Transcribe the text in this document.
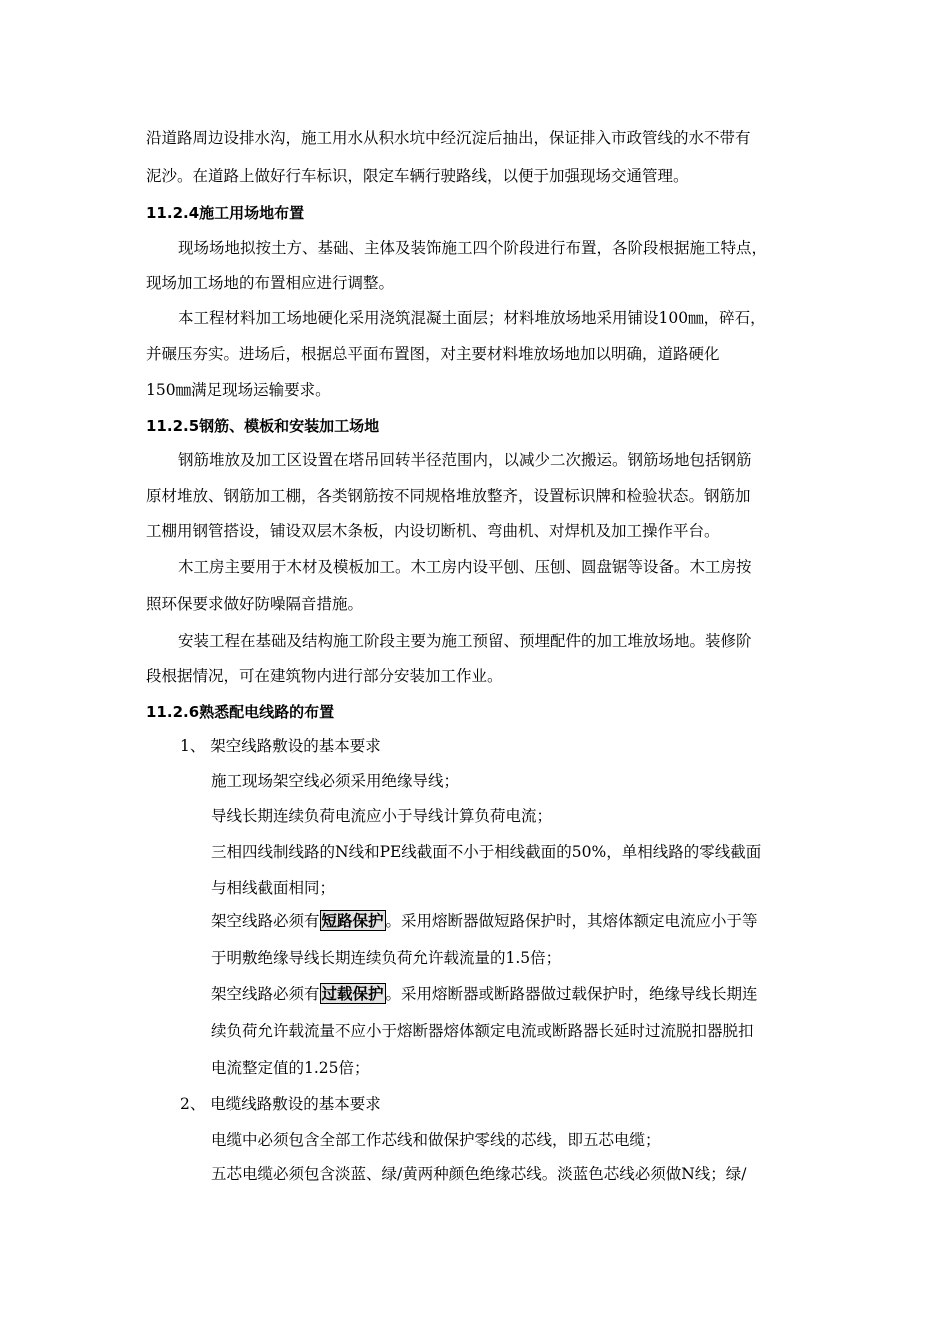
沿道路周边设排水沟，施工用水从积水坑中经沉淀后抽出，保证排入市政管线的水不带有
泥沙。在道路上做好行车标识，限定车辆行驶路线，以便于加强现场交通管理。
11.2.4施工用场地布置
现场场地拟按土方、基础、主体及装饰施工四个阶段进行布置，各阶段根据施工特点，
现场加工场地的布置相应进行调整。
本工程材料加工场地硬化采用浇筑混凝土面层；材料堆放场地采用铺设100㎜，碎石，
并碾压夯实。进场后，根据总平面布置图，对主要材料堆放场地加以明确，道路硬化
150㎜满足现场运输要求。
11.2.5钢筋、模板和安装加工场地
钢筋堆放及加工区设置在塔吊回转半径范围内，以减少二次搬运。钢筋场地包括钢筋
原材堆放、钢筋加工棚，各类钢筋按不同规格堆放整齐，设置标识牌和检验状态。钢筋加
工棚用钢管搭设，铺设双层木条板，内设切断机、弯曲机、对焊机及加工操作平台。
木工房主要用于木材及模板加工。木工房内设平刨、压刨、圆盘锯等设备。木工房按
照环保要求做好防噪隔音措施。
安装工程在基础及结构施工阶段主要为施工预留、预埋配件的加工堆放场地。装修阶
段根据情况，可在建筑物内进行部分安装加工作业。
11.2.6熟悉配电线路的布置
1、 架空线路敷设的基本要求
施工现场架空线必须采用绝缘导线；
导线长期连续负荷电流应小于导线计算负荷电流；
三相四线制线路的N线和PE线截面不小于相线截面的50%，单相线路的零线截面
与相线截面相同；
架空线路必须有 短路保护 。采用熔断器做短路保护时，其熔体额定电流应小于等
于明敷绝缘导线长期连续负荷允许载流量的1.5倍；
架空线路必须有 过载保护 。采用熔断器或断路器做过载保护时，绝缘导线长期连
续负荷允许载流量不应小于熔断器熔体额定电流或断路器长延时过流脱扣器脱扣
电流整定值的1.25倍；
2、 电缆线路敷设的基本要求
电缆中必须包含全部工作芯线和做保护零线的芯线，即五芯电缆；
五芯电缆必须包含淡蓝、绿/黄两种颜色绝缘芯线。淡蓝色芯线必须做N线；绿/
